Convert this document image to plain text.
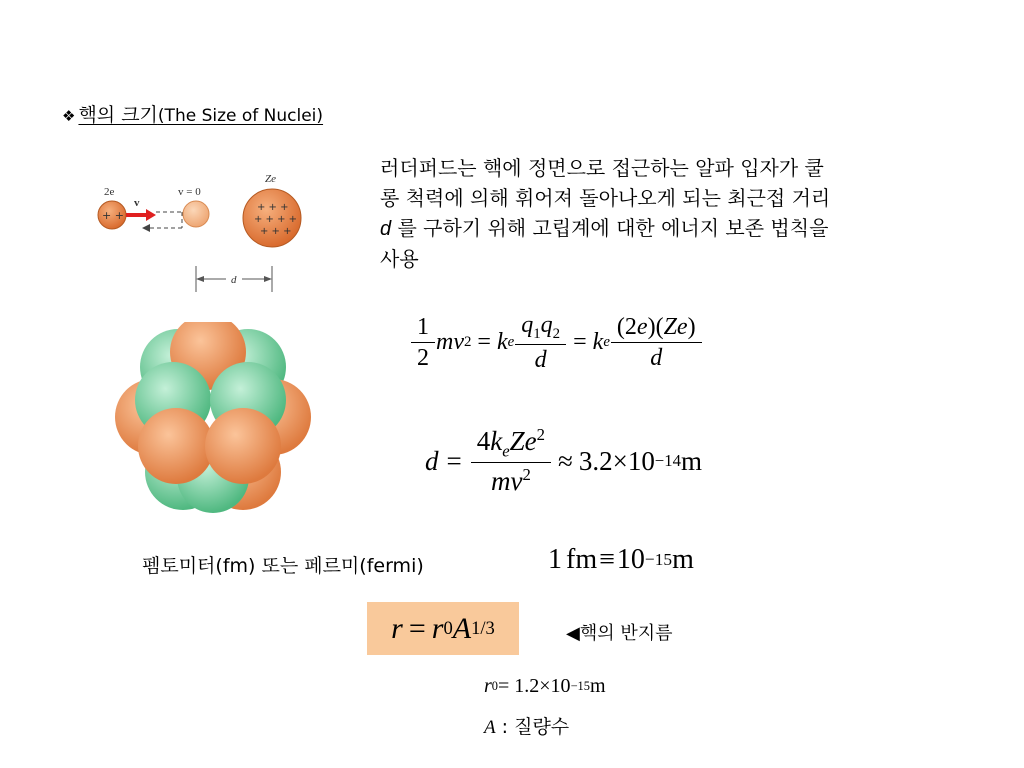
❖ 핵의 크기(The Size of Nuclei)
러더퍼드는 핵에 정면으로 접근하는 알파 입자가 쿨
롱 척력에 의해 휘어져 돌아나오게 되는 최근접 거리
d 를 구하기 위해 고립계에 대한 에너지 보존 법칙을
사용
2e
+ +
v
v = 0
Ze
+ + +
+ + + +
+ + +
d
$\frac{1}{2}$ mv 2 = k e $\frac{q_1q_2}{d} = k$ e $\frac{(2e)(Ze)}{d}$
$d = \frac{4k_eZe^2}{mv^2} \approx 3.2\times 10 -14$ m
펨토미터(fm) 또는 페르미(fermi)	1 fm ≡ 10 −15 m
r = r 0 A 1/3	◀핵의 반지름
r 0 = 1.2×10 −15 m
A : 질량수
